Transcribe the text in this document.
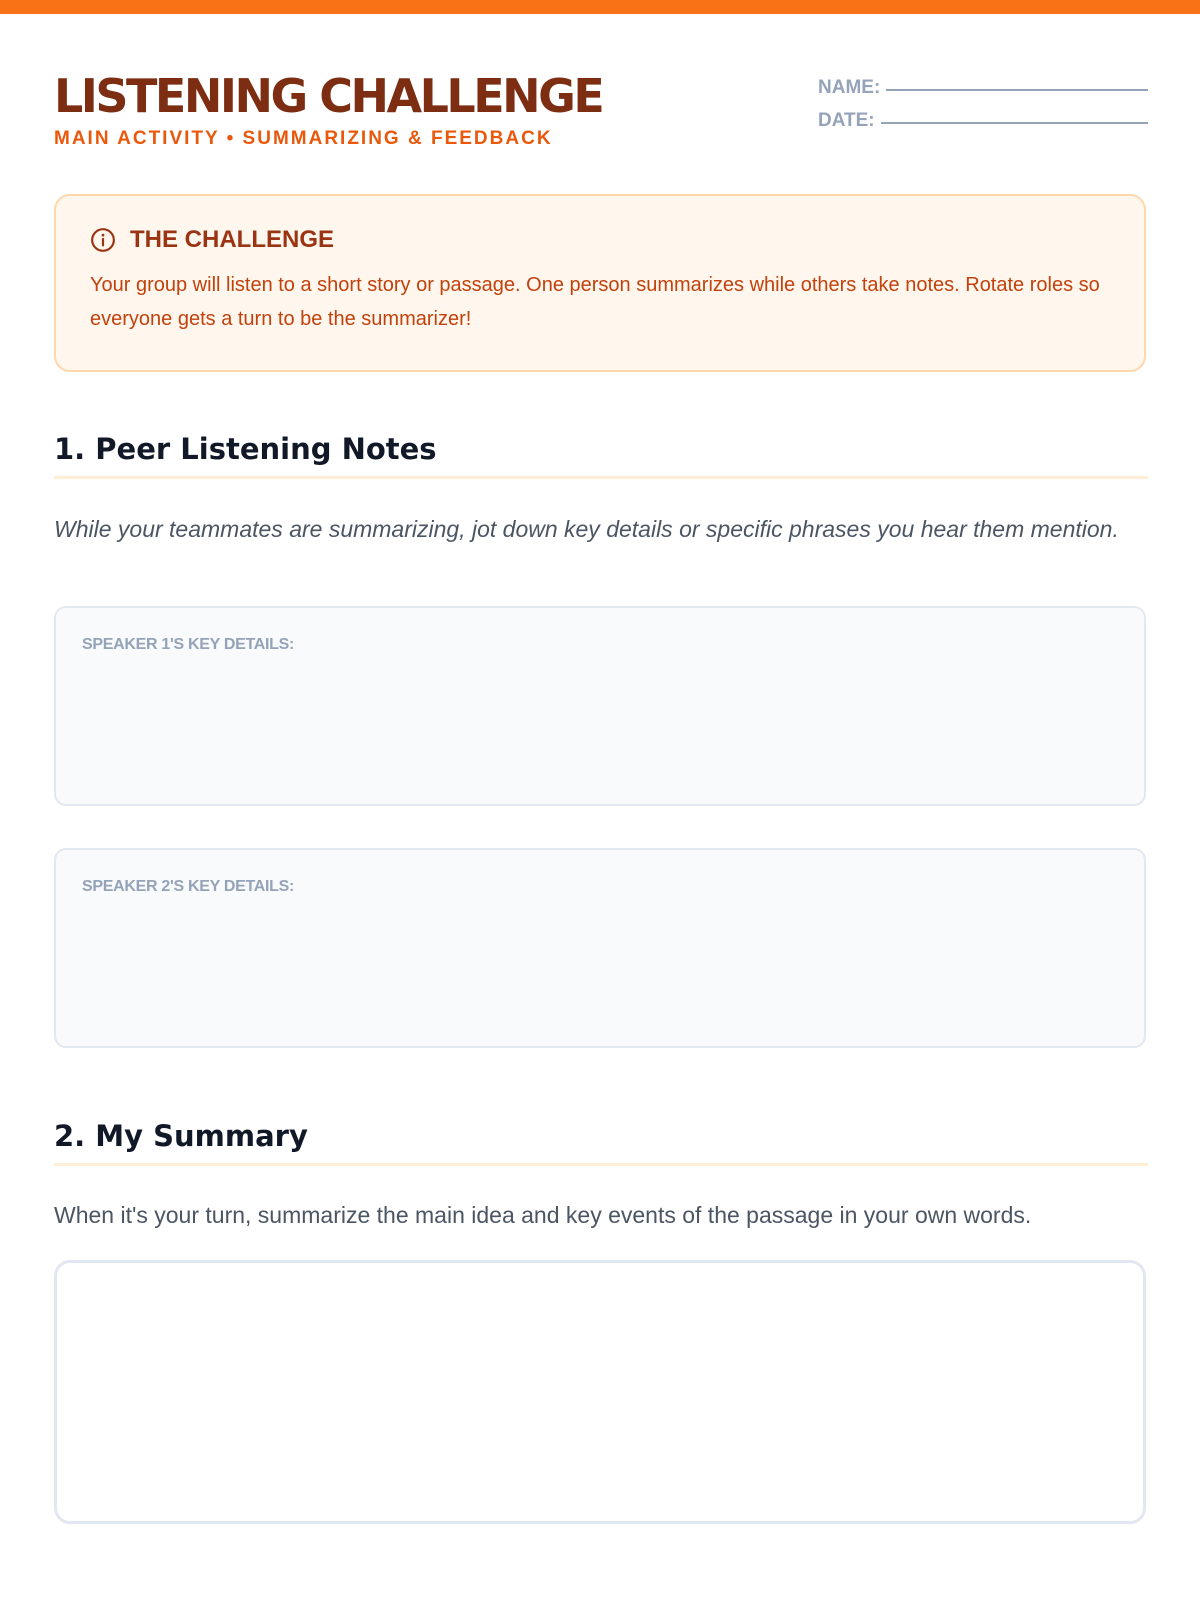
LISTENING CHALLENGE
MAIN ACTIVITY • SUMMARIZING & FEEDBACK
NAME:
DATE:
THE CHALLENGE
Your group will listen to a short story or passage. One person summarizes while others take notes. Rotate roles so everyone gets a turn to be the summarizer!
1. Peer Listening Notes
While your teammates are summarizing, jot down key details or specific phrases you hear them mention.
SPEAKER 1'S KEY DETAILS:
SPEAKER 2'S KEY DETAILS:
2. My Summary
When it's your turn, summarize the main idea and key events of the passage in your own words.
